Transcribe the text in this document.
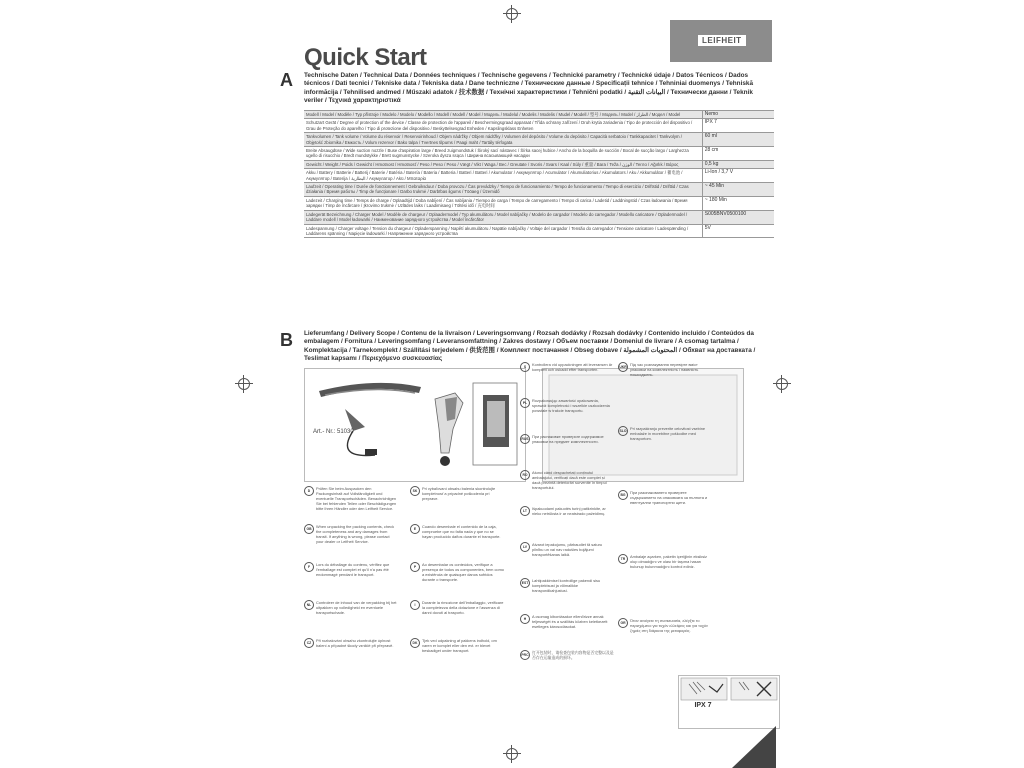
Quick Start
LEIFHEIT
A Technische Daten / Technical Data / Données techniques / Technische gegevens / Technické parametry / Technické údaje / Datos Técnicos / Dados técnicos / Dati tecnici / Tekniske data / Tekniska data / Dane techniczne / Технические данные / Specificații tehnice / Tehniniai duomenys / Tehniskā informācija / Tehnilised andmed / Műszaki adatok / 技术数据 / Технічні характеристики / Tehnični podatki / البيانات التقنية / Технически данни / Teknik veriler / Τεχνικά χαρακτηριστικά
Modell / Model / Modèle / Typ přístroje / Modelo / Modelo / Modello / Modell / Modell / Model / Модель / Modelul / Modelis / Modelis / Mudel / Modell / 型号 / Модель / Model / الطراز / Модел / Model	Nemo
Schutzart Gerät / Degree of protection of the device / Classe de protection de l'appareil / Beschermingsgraad apparaat / Třída ochrany zařízení / Druh krytia zariadenia / Tipo de protección del dispositivo / Grau de Proteção do aparelho / Tipo di protezione del dispositivo / Beskyttelsesgrad Enheden / Kapslingsklass Enheten
IPX 7
Tankvolumen / Tank volume / Volume du réservoir / Reservoirinhoud / Objem nádržky / Objem nádržky / Volumen del depósito / Volume do depósito / Capacità serbatoio / Tankkapacitet / Tankvolym / Objętość zbiornika / Емкость / Volum rezervor / Bako talpa / Tvertnes tilpums / Paagi maht / Tartály térfogata
60 ml
Breite Absaugdüse / Wide suction nozzle / Buse d'aspiration large / Breed zuigmondstuk / Široký sací nástavec / Šírka sacej hubice / Ancho de la boquilla de succión / Bocal de sucção largo / Larghezza ugello di risucchio / Bredt mundstykke / Brett sugmunstycke / Szeroka dysza ssąca / Ширина всасывающей насадки
28 cm
Gewicht / Weight / Poids / Gewicht / Hmotnost / Hmotnosť / Peso / Peso / Peso / Vægt / Vikt / Waga / Вес / Greutate / Svoris / Svars / Kaal / Súly / 重量 / Вага / Teža / الوزن / Тегло / Ağırlık / Βάρος	0,5 kg
Akku / Battery / Batterie / Batterij / Baterie / Batéria / Batería / Bateria / Batteria / Batteri / Batteri / Akumulator / Аккумулятор / Acumulator / Akumuliatorius / Akumulators / Aku / Akkumulátor / 蓄电池 / Акумулятор / Baterija / البطارية / Акумулатор / Akü / Μπαταρία
Li-Ion / 3,7 V
Laufzeit / Operating time / Durée de fonctionnement / Gebruiksduur / Doba provozu / Čas prevádzky / Tiempo de funcionamiento / Tempo de funcionamento / Tempo di esercizio / Driftstid / Drifttid / Czas działania / Время работы / Timp de funcționare / Darbo trukmė / Darbības ilgums / Tööaeg / Üzemidő
~ 45 Min
Ladezeit / Charging time / Temps de charge / Oplaadtijd / Doba nabíjení / Čas nabíjania / Tiempo de carga / Tempo de carregamento / Tempo di carica / Ladetid / Laddningstid / Czas ładowania / Время зарядки / Timp de încărcare / Įkrovimo trukmė / Uzlādes laiks / Laadimisaeg / Töltési idő / 充电时间
~ 180 Min
Ladegerät Bezeichnung / Charger Model / Modèle de chargeur / Oplaadermodel / Typ akumulátoru / Model nabíjačky / Modelo de cargador / Modelo do carregador / Modello caricatore / Opladermodel / Laddare modell / Model ładowarki / Наименование зарядного устройства / Model încărcător
S005BNV0500100
Ladespannung / Charger voltage / Tension du chargeur / Opladerspanning / Napětí akumulátoru / Napätie nabíjačky / Voltaje del cargador / Tensão do carregador / Tensione caricatore / Ladespænding / Laddarens spänning / Napięcie ładowarki / Напряжение зарядного устройства
5V
B Lieferumfang / Delivery Scope / Contenu de la livraison / Leveringsomvang / Rozsah dodávky / Rozsah dodávky / Contenido incluido / Conteúdos da embalagem / Fornitura / Leveringsomfang / Leveransomfattning / Zakres dostawy / Объем поставки / Domeniul de livrare / A csomag tartalma / Komplektacija / Tarnekomplekt / Szállítási terjedelem / 供货范围 / Комплект постачання / Obseg dobave / المحتويات المشمولة / Обхват на доставката / Teslimat kapsamı / Περιεχόμενο συσκευασίας
Art.- Nr.: 51030
D	Prüfen Sie beim Auspacken den Packungsinhalt auf Vollständigkeit und eventuelle Transportschäden. Benachrichtigen Sie bei fehlenden Teilen oder Beschädigungen bitte Ihren Händler oder den Leifheit Service.
GB	When unpacking the packing contents, check the completeness and any damages from transit. If anything is wrong, please contact your dealer or Leifheit Service.
F	Lors du déballage du contenu, vérifiez que l'emballage est complet et qu'il n'a pas été endommagé pendant le transport.
NL	Controleer de inhoud van de verpakking bij het uitpakken op volledigheid en eventuele transportschade.
CZ	Při rozbalování obsahu zkontrolujte úplnost balení a případné škody vzniklé při přepravě.
SK	Pri vybaľovaní obsahu balenia skontrolujte kompletnosť a prípadné poškodenia pri prepravе.
E	Cuando desembale el contenido de la caja, compruebe que no falta nada y que no se hayan producido daños durante el transporte.
P	Ao desembalar os conteúdos, verifique a presença de todos os componentes, bem como a existência de quaisquer danos sofridos durante o transporte.
I	Durante la rimozione dell'imballaggio, verificare la completezza della dotazione e l'assenza di danni dovuti al trasporto.
DK	Tjek ved udpakning af pakkens indhold, om varen er komplet eller den evt. er blevet beskadiget under transport.
S	Kontrollera vid uppackningen att leveransen är komplett och oskadd efter transporten.
PL	Rozpakowując zawartość opakowania, sprawdź kompletność i wszelkie uszkodzenia powstałe w trakcie transportu.
RUS При распаковке проверьте содержимое упаковки на предмет комплектности.
RO	Atunci când despachetați conținutul ambalajului, verificați dacă este complet și dacă prezintă deteriorări survenite în timpul transportului.
LT	Išpakuodami pakuotės turinį patikrinkite, ar nieko netrūksta ir ar neatsirado pažeidimų.
LV	Atvarot iepakojumu, pārbaudiet tā saturu pilnību un vai nav radušies bojājumi transportēšanas laikā.
EST Lahtipakkimisel kontrollige pakendi sisu komplektsust ja võimalikke transpordikahjustusi.
H	A csomag kibontásakor ellenőrizze annak teljességét és a szállítás közben keletkezett esetleges károsodásokat.
PRC 打开包装时，请检查包装内容物是否完整以及是否存在运输造成的损坏。
UKR Під час розпакування перевірте вміст упаковки на комплектність і наявність пошкоджень.
SLO Pri razpakiranju preverite celovitost vsebine embalaže in morebitne poškodbe med transportom.
BG	При разопаковането проверете съдържанието на опаковката за пълнота и евентуални транспортни щети.
TR	Ambalaje açarken, paketin içeriğinin eksiksiz olup olmadığını ve olası bir taşıma hasarı bulunup bulunmadığını kontrol ediniz.
GR	Όταν ανοίγετε τη συσκευασία, ελέγξτε το περιεχόμενο για τυχόν ελλείψεις και για τυχόν ζημιές στη διάρκεια της μεταφοράς.
IPX 7
